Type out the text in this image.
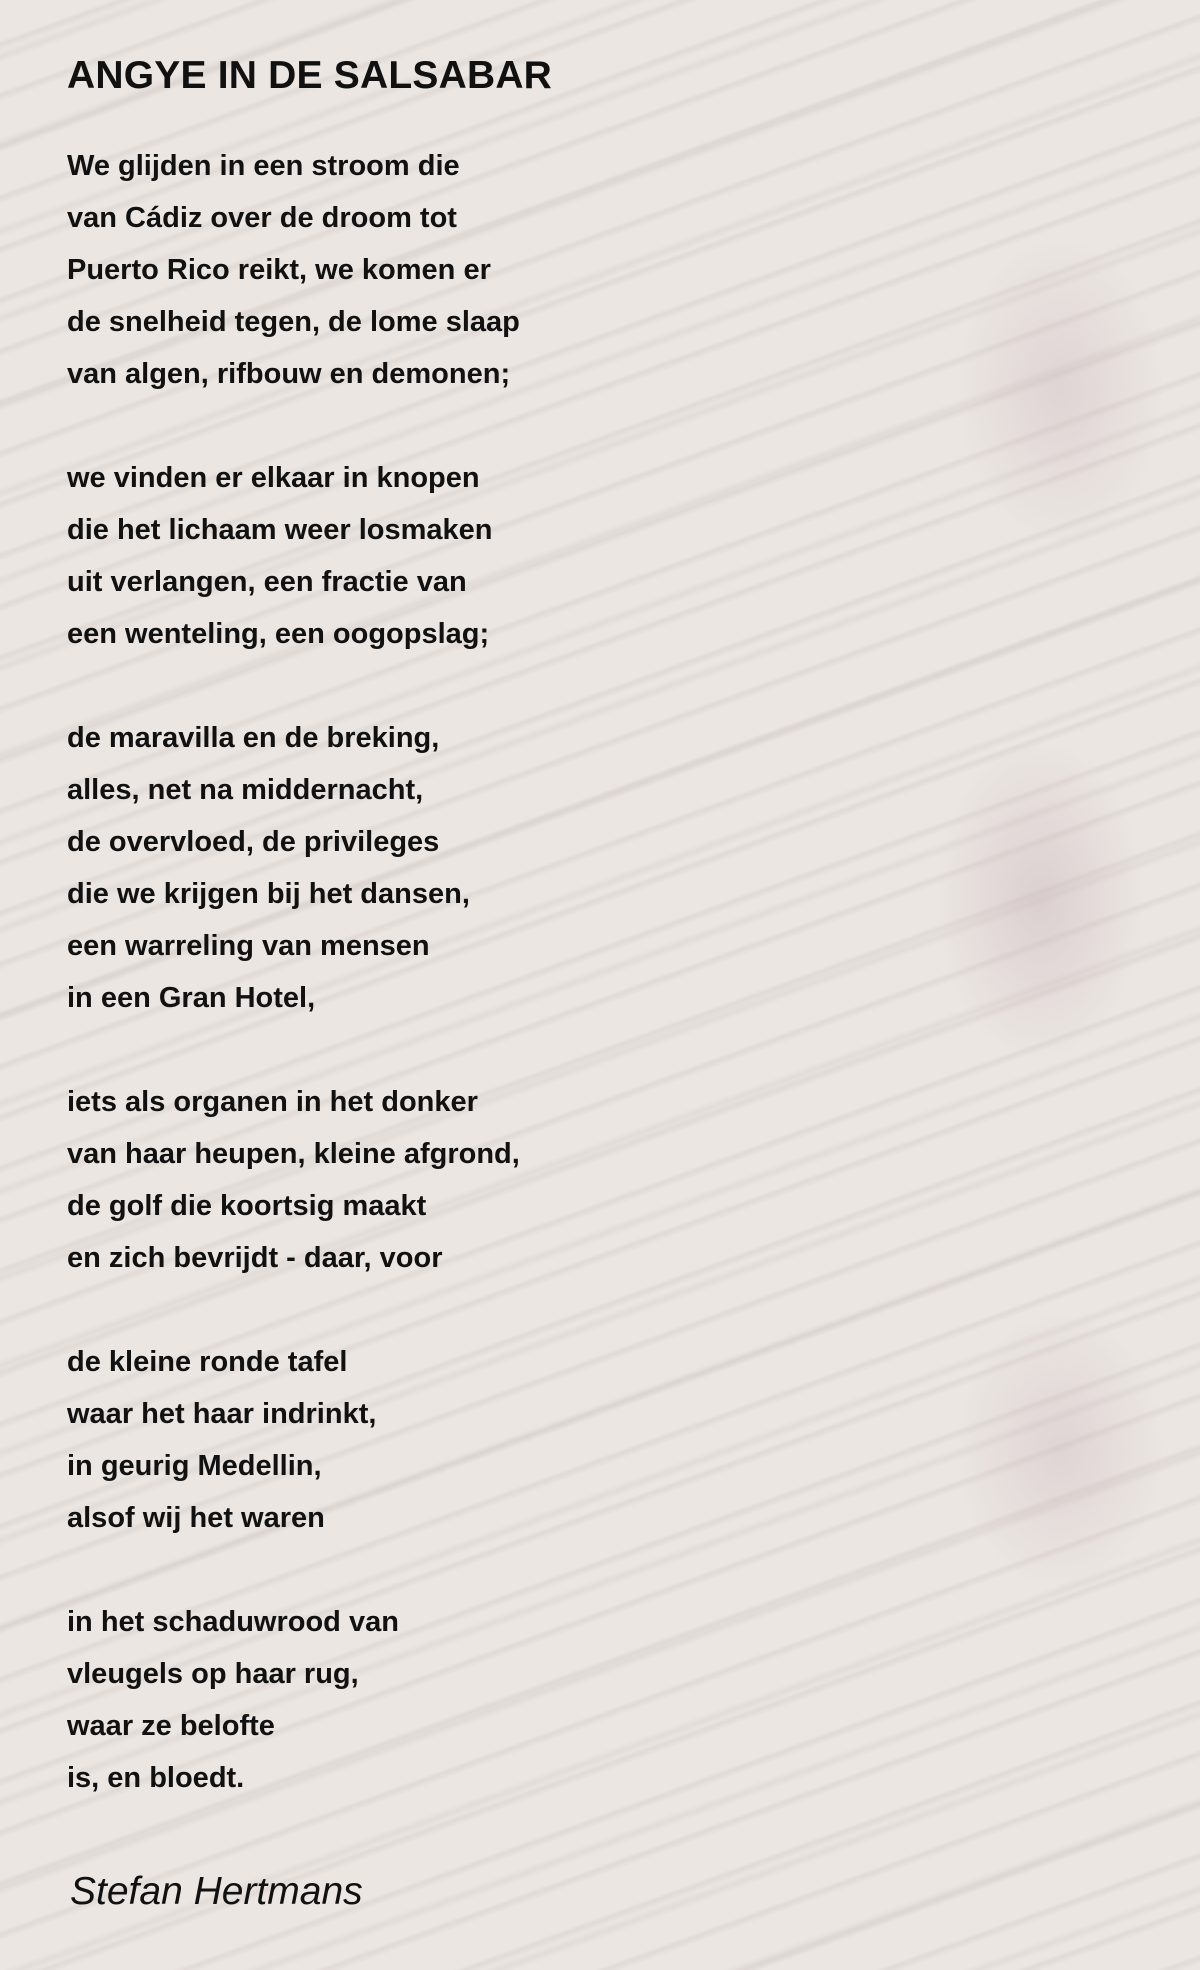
ANGYE IN DE SALSABAR
We glijden in een stroom die
van Cádiz over de droom tot
Puerto Rico reikt, we komen er
de snelheid tegen, de lome slaap
van algen, rifbouw en demonen;
we vinden er elkaar in knopen
die het lichaam weer losmaken
uit verlangen, een fractie van
een wenteling, een oogopslag;
de maravilla en de breking,
alles, net na middernacht,
de overvloed, de privileges
die we krijgen bij het dansen,
een warreling van mensen
in een Gran Hotel,
iets als organen in het donker
van haar heupen, kleine afgrond,
de golf die koortsig maakt
en zich bevrijdt - daar, voor
de kleine ronde tafel
waar het haar indrinkt,
in geurig Medellin,
alsof wij het waren
in het schaduwrood van
vleugels op haar rug,
waar ze belofte
is, en bloedt.
Stefan Hertmans
